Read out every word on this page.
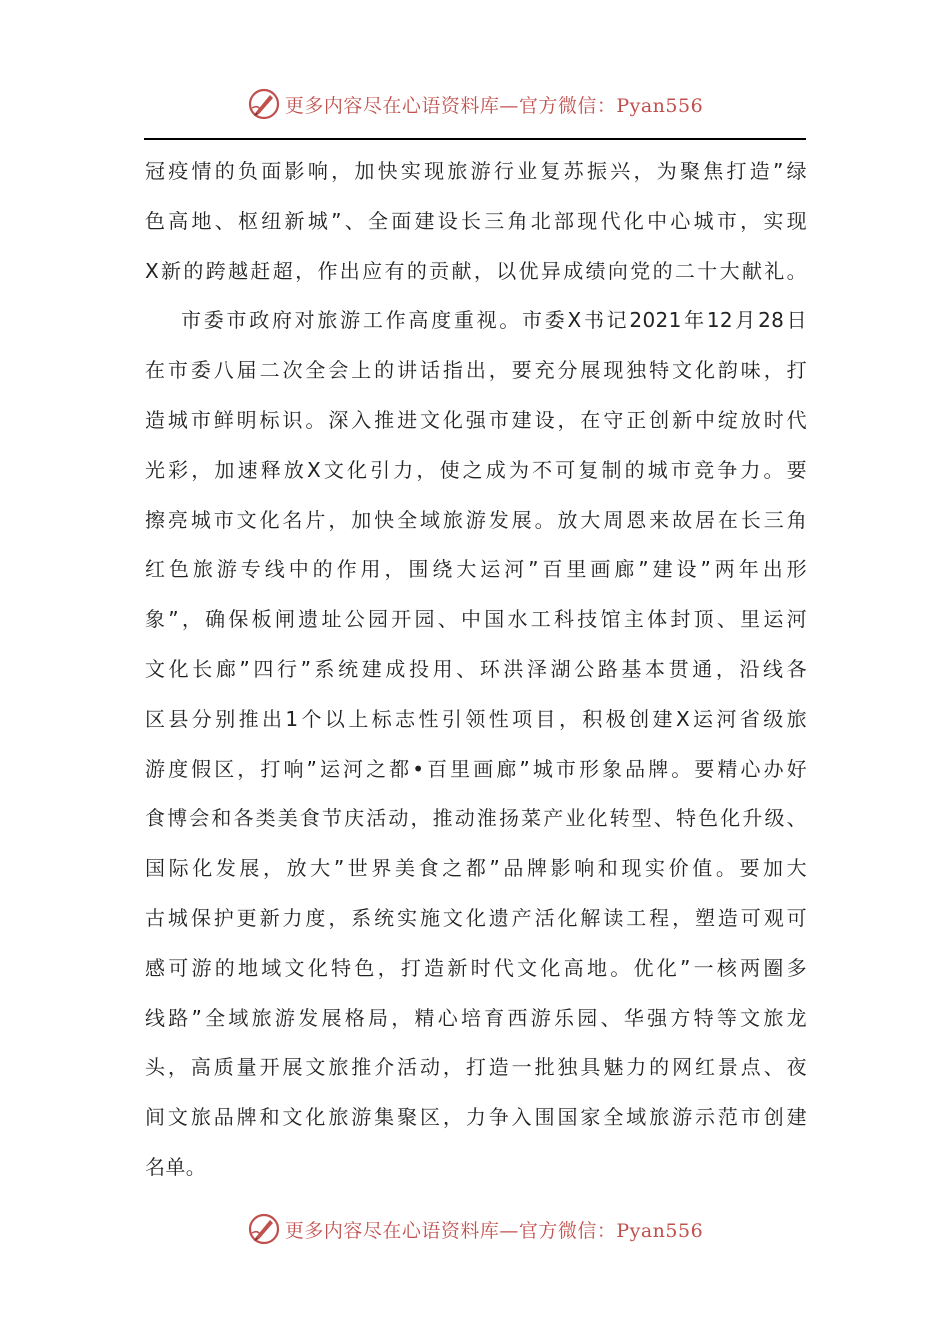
更多内容尽在心语资料库—官方微信：Pyan556
冠疫情的负面影响，加快实现旅游行业复苏振兴，为聚焦打造”绿
色高地、枢纽新城”、全面建设长三角北部现代化中心城市，实现
X新的跨越赶超，作出应有的贡献，以优异成绩向党的二十大献礼。
市委市政府对旅游工作高度重视。市委X书记2021年12月28日
在市委八届二次全会上的讲话指出，要充分展现独特文化韵味，打
造城市鲜明标识。深入推进文化强市建设，在守正创新中绽放时代
光彩，加速释放X文化引力，使之成为不可复制的城市竞争力。要
擦亮城市文化名片，加快全域旅游发展。放大周恩来故居在长三角
红色旅游专线中的作用，围绕大运河”百里画廊”建设”两年出形
象”，确保板闸遗址公园开园、中国水工科技馆主体封顶、里运河
文化长廊”四行”系统建成投用、环洪泽湖公路基本贯通，沿线各
区县分别推出1个以上标志性引领性项目，积极创建X运河省级旅
游度假区，打响”运河之都•百里画廊”城市形象品牌。要精心办好
食博会和各类美食节庆活动，推动淮扬菜产业化转型、特色化升级、
国际化发展，放大”世界美食之都”品牌影响和现实价值。要加大
古城保护更新力度，系统实施文化遗产活化解读工程，塑造可观可
感可游的地域文化特色，打造新时代文化高地。优化”一核两圈多
线路”全域旅游发展格局，精心培育西游乐园、华强方特等文旅龙
头，高质量开展文旅推介活动，打造一批独具魅力的网红景点、夜
间文旅品牌和文化旅游集聚区，力争入围国家全域旅游示范市创建
名单。
更多内容尽在心语资料库—官方微信：Pyan556
